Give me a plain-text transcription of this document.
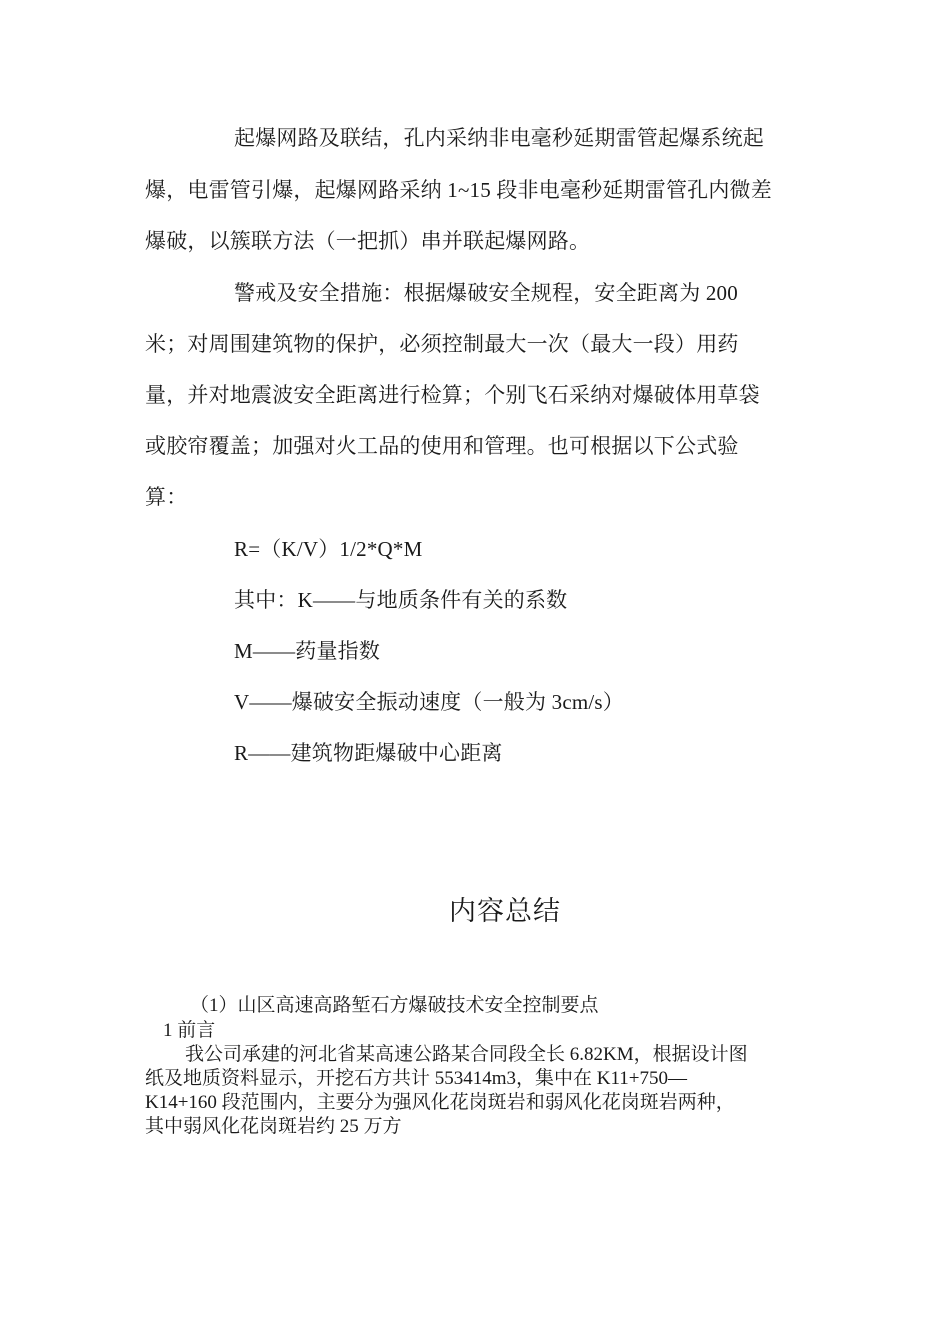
起爆网路及联结，孔内采纳非电毫秒延期雷管起爆系统起
爆，电雷管引爆，起爆网路采纳 1~15 段非电毫秒延期雷管孔内微差
爆破，以簇联方法（一把抓）串并联起爆网路。
警戒及安全措施：根据爆破安全规程，安全距离为 200
米；对周围建筑物的保护，必须控制最大一次（最大一段）用药
量，并对地震波安全距离进行检算；个别飞石采纳对爆破体用草袋
或胶帘覆盖；加强对火工品的使用和管理。也可根据以下公式验
算：
R=（K/V）1/2*Q*M
其中：K——与地质条件有关的系数
M——药量指数
V——爆破安全振动速度（一般为 3cm/s）
R——建筑物距爆破中心距离
内容总结
（1）山区高速高路堑石方爆破技术安全控制要点
1 前言
我公司承建的河北省某高速公路某合同段全长 6.82KM，根据设计图
纸及地质资料显示，开挖石方共计 553414m3，集中在 K11+750—
K14+160 段范围内，主要分为强风化花岗斑岩和弱风化花岗斑岩两种，
其中弱风化花岗斑岩约 25 万方
